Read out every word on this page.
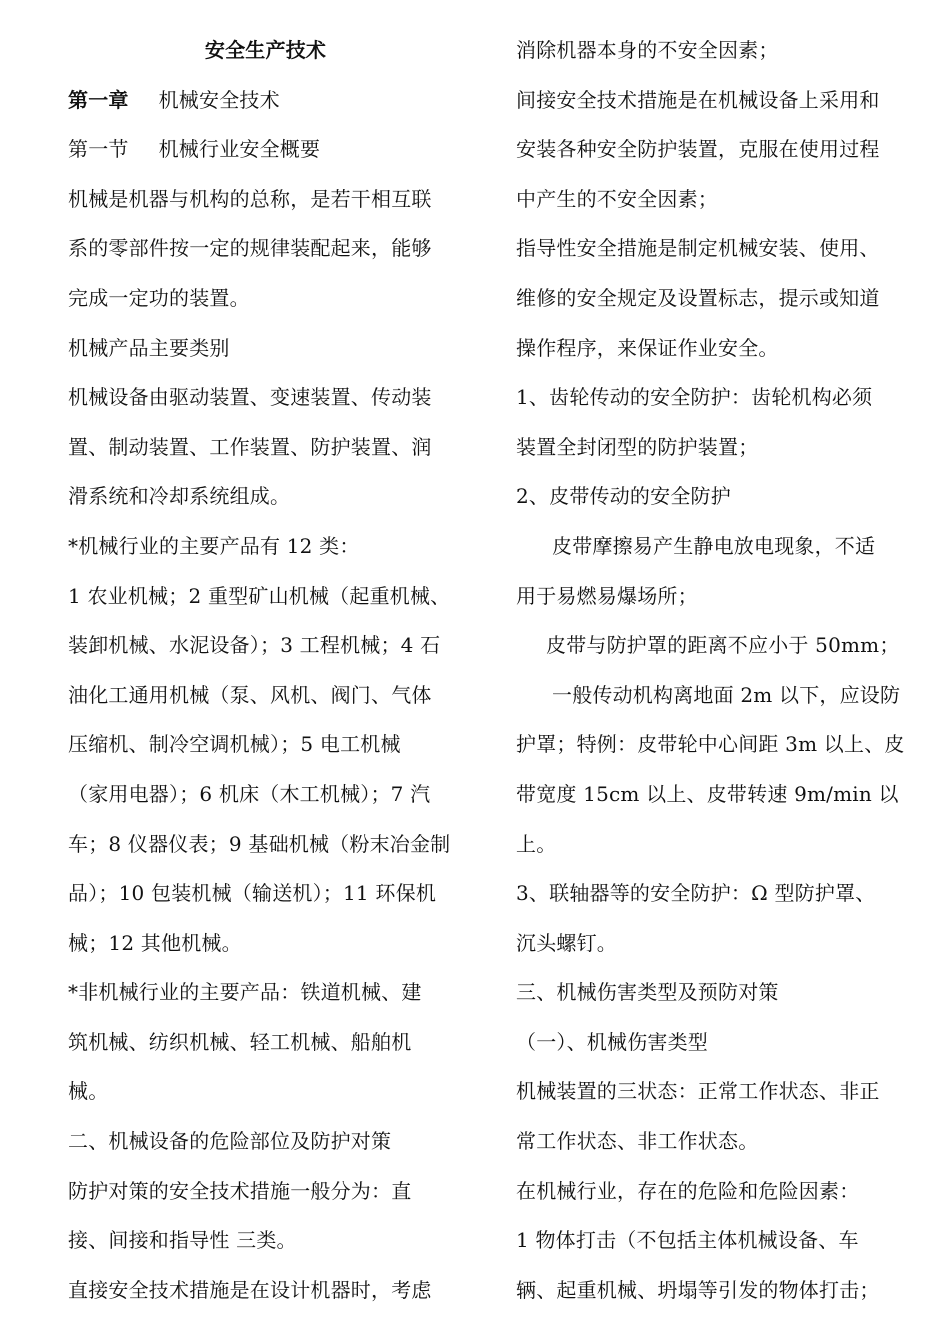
安全生产技术
第一章 机械安全技术
第一节 机械行业安全概要
机械是机器与机构的总称，是若干相互联
系的零部件按一定的规律装配起来，能够
完成一定功的装置。
机械产品主要类别
机械设备由驱动装置、变速装置、传动装
置、制动装置、工作装置、防护装置、润
滑系统和冷却系统组成。
*机械行业的主要产品有 12 类：
1 农业机械；2 重型矿山机械（起重机械、
装卸机械、水泥设备）；3 工程机械；4 石
油化工通用机械（泵、风机、阀门、气体
压缩机、制冷空调机械）；5 电工机械
（家用电器）；6 机床（木工机械）；7 汽
车；8 仪器仪表；9 基础机械（粉末冶金制
品）；10 包装机械（输送机）；11 环保机
械；12 其他机械。
*非机械行业的主要产品：铁道机械、建
筑机械、纺织机械、轻工机械、船舶机
械。
二、机械设备的危险部位及防护对策
防护对策的安全技术措施一般分为：直
接、间接和指导性 三类。
直接安全技术措施是在设计机器时，考虑
消除机器本身的不安全因素；
间接安全技术措施是在机械设备上采用和
安装各种安全防护装置，克服在使用过程
中产生的不安全因素；
指导性安全措施是制定机械安装、使用、
维修的安全规定及设置标志，提示或知道
操作程序，来保证作业安全。
1、齿轮传动的安全防护：齿轮机构必须
装置全封闭型的防护装置；
2、皮带传动的安全防护
皮带摩擦易产生静电放电现象，不适
用于易燃易爆场所；
皮带与防护罩的距离不应小于 50mm；
一般传动机构离地面 2m 以下，应设防
护罩；特例：皮带轮中心间距 3m 以上、皮
带宽度 15cm 以上、皮带转速 9m/min 以
上。
3、联轴器等的安全防护：Ω 型防护罩、
沉头螺钉。
三、机械伤害类型及预防对策
（一）、机械伤害类型
机械装置的三状态：正常工作状态、非正
常工作状态、非工作状态。
在机械行业，存在的危险和危险因素：
1 物体打击（不包括主体机械设备、车
辆、起重机械、坍塌等引发的物体打击；
